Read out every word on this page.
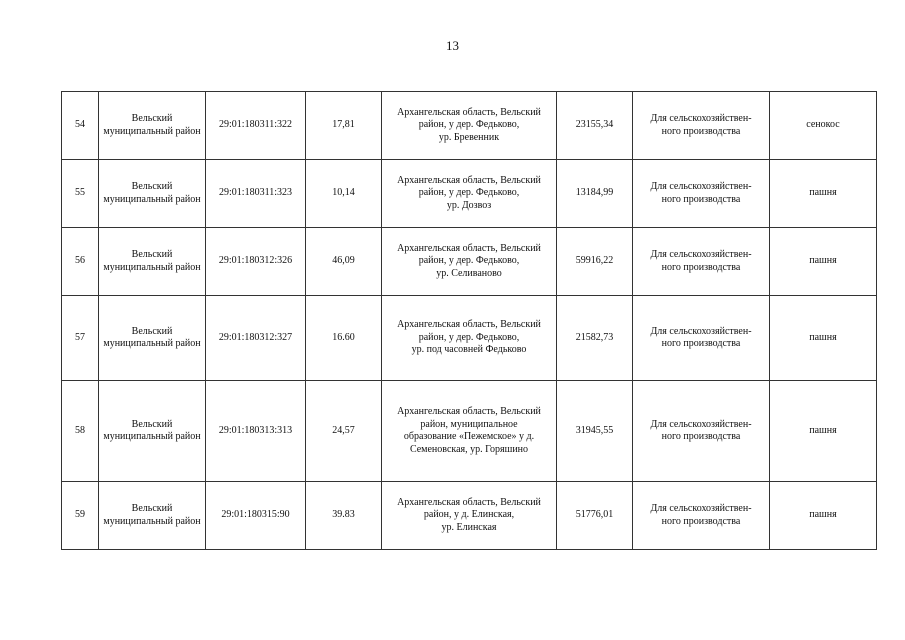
13
54	Вельский муниципальный район	29:01:180311:322	17,81	Архангельская область, Вельский
район, у дер. Федьково,
ур. Бревенник	23155,34	Для сельскохозяйствен-
ного производства	сенокос
55	Вельский муниципальный район	29:01:180311:323	10,14	Архангельская область, Вельский
район, у дер. Федьково,
ур. Дозвоз	13184,99	Для сельскохозяйствен-
ного производства	пашня
56	Вельский муниципальный район	29:01:180312:326	46,09	Архангельская область, Вельский
район, у дер. Федьково,
ур. Селиваново	59916,22	Для сельскохозяйствен-
ного производства	пашня
57	Вельский муниципальный район	29:01:180312:327	16.60	Архангельская область, Вельский
район, у дер. Федьково,
ур. под часовней Федьково	21582,73	Для сельскохозяйствен-
ного производства	пашня
58	Вельский муниципальный район	29:01:180313:313	24,57	Архангельская область, Вельский
район, муниципальное
образование «Пежемское» у д.
Семеновская, ур. Горяшино	31945,55	Для сельскохозяйствен-
ного производства	пашня
59	Вельский муниципальный район	29:01:180315:90	39.83	Архангельская область, Вельский
район, у д. Елинская,
ур. Елинская	51776,01	Для сельскохозяйствен-
ного производства	пашня
